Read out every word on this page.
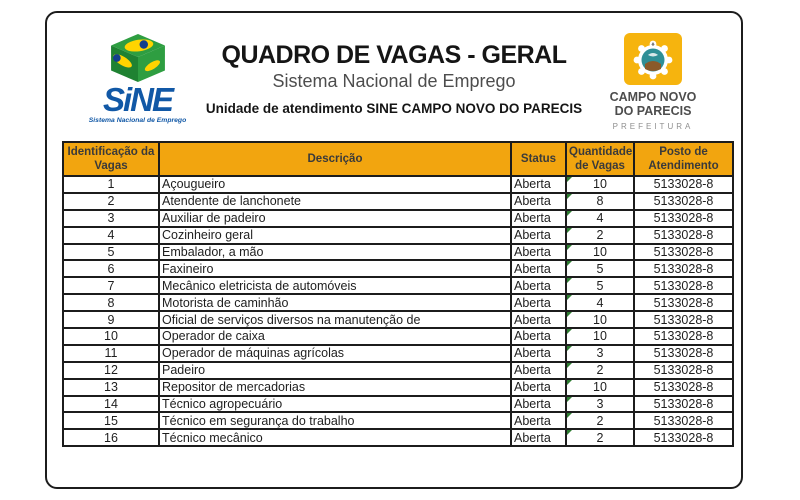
SiNE
Sistema Nacional de Emprego
QUADRO DE VAGAS - GERAL
Sistema Nacional de Emprego
Unidade de atendimento SINE CAMPO NOVO DO PARECIS
CAMPO NOVO
DO PARECIS
PREFEITURA
Identificação da Vagas	Descrição	Status	Quantidade de Vagas	Posto de Atendimento
1	Açougueiro	Aberta	10	5133028-8
2	Atendente de lanchonete	Aberta	8	5133028-8
3	Auxiliar de padeiro	Aberta	4	5133028-8
4	Cozinheiro geral	Aberta	2	5133028-8
5	Embalador, a mão	Aberta	10	5133028-8
6	Faxineiro	Aberta	5	5133028-8
7	Mecânico eletricista de automóveis	Aberta	5	5133028-8
8	Motorista de caminhão	Aberta	4	5133028-8
9	Oficial de serviços diversos na manutenção de	Aberta	10	5133028-8
10	Operador de caixa	Aberta	10	5133028-8
11	Operador de máquinas agrícolas	Aberta	3	5133028-8
12	Padeiro	Aberta	2	5133028-8
13	Repositor de mercadorias	Aberta	10	5133028-8
14	Técnico agropecuário	Aberta	3	5133028-8
15	Técnico em segurança do trabalho	Aberta	2	5133028-8
16	Técnico mecânico	Aberta	2	5133028-8
